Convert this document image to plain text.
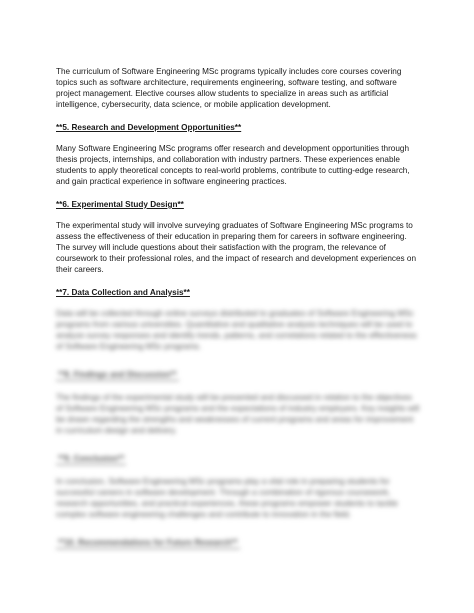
The curriculum of Software Engineering MSc programs typically includes core courses covering topics such as software architecture, requirements engineering, software testing, and software project management. Elective courses allow students to specialize in areas such as artificial intelligence, cybersecurity, data science, or mobile application development.

**5. Research and Development Opportunities**

Many Software Engineering MSc programs offer research and development opportunities through thesis projects, internships, and collaboration with industry partners. These experiences enable students to apply theoretical concepts to real-world problems, contribute to cutting-edge research, and gain practical experience in software engineering practices.

**6. Experimental Study Design**

The experimental study will involve surveying graduates of Software Engineering MSc programs to assess the effectiveness of their education in preparing them for careers in software engineering. The survey will include questions about their satisfaction with the program, the relevance of coursework to their professional roles, and the impact of research and development experiences on their careers.

**7. Data Collection and Analysis**

Data will be collected through online surveys distributed to graduates of Software Engineering MSc programs from various universities. Quantitative and qualitative analysis techniques will be used to analyze survey responses and identify trends, patterns, and correlations related to the effectiveness of Software Engineering MSc programs.

**8. Findings and Discussion**

The findings of the experimental study will be presented and discussed in relation to the objectives of Software Engineering MSc programs and the expectations of industry employers. Key insights will be drawn regarding the strengths and weaknesses of current programs and areas for improvement in curriculum design and delivery.

**9. Conclusion**

In conclusion, Software Engineering MSc programs play a vital role in preparing students for successful careers in software development. Through a combination of rigorous coursework, research opportunities, and practical experiences, these programs empower students to tackle complex software engineering challenges and contribute to innovation in the field.

**10. Recommendations for Future Research**
